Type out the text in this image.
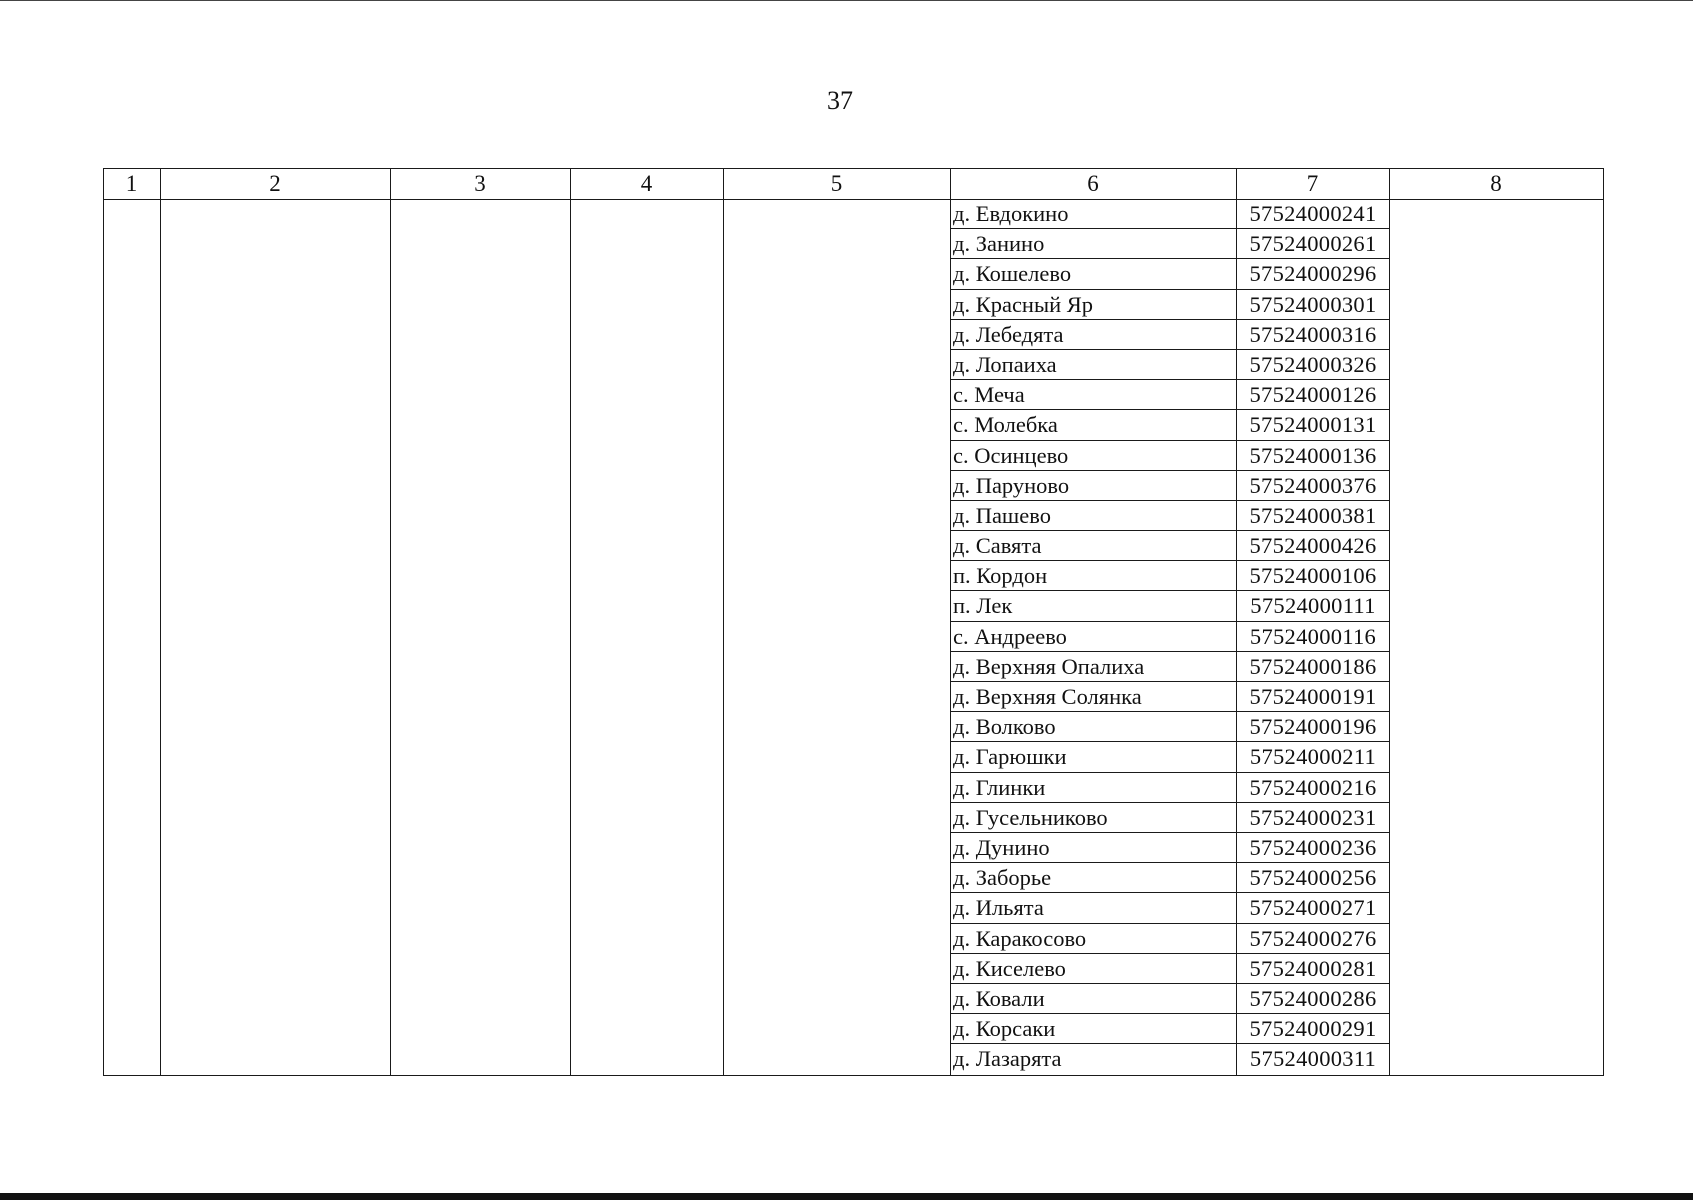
37
1	2	3	4	5	6	7	8
д. Евдокино	57524000241
д. Занино	57524000261
д. Кошелево	57524000296
д. Красный Яр	57524000301
д. Лебедята	57524000316
д. Лопаиха	57524000326
с. Меча	57524000126
с. Молебка	57524000131
с. Осинцево	57524000136
д. Паруново	57524000376
д. Пашево	57524000381
д. Савята	57524000426
п. Кордон	57524000106
п. Лек	57524000111
с. Андреево	57524000116
д. Верхняя Опалиха	57524000186
д. Верхняя Солянка	57524000191
д. Волково	57524000196
д. Гарюшки	57524000211
д. Глинки	57524000216
д. Гусельниково	57524000231
д. Дунино	57524000236
д. Заборье	57524000256
д. Ильята	57524000271
д. Каракосово	57524000276
д. Киселево	57524000281
д. Ковали	57524000286
д. Корсаки	57524000291
д. Лазарята	57524000311
